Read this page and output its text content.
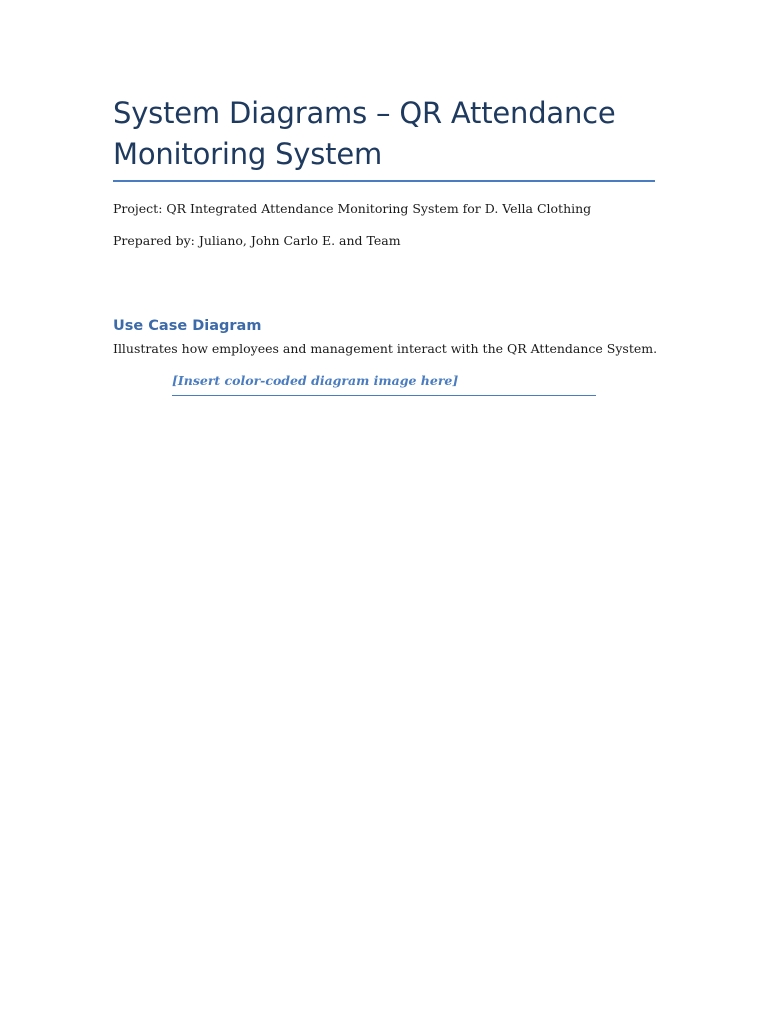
System Diagrams – QR Attendance Monitoring System

Project: QR Integrated Attendance Monitoring System for D. Vella Clothing

Prepared by: Juliano, John Carlo E. and Team

Use Case Diagram

Illustrates how employees and management interact with the QR Attendance System.

[Insert color-coded diagram image here]
